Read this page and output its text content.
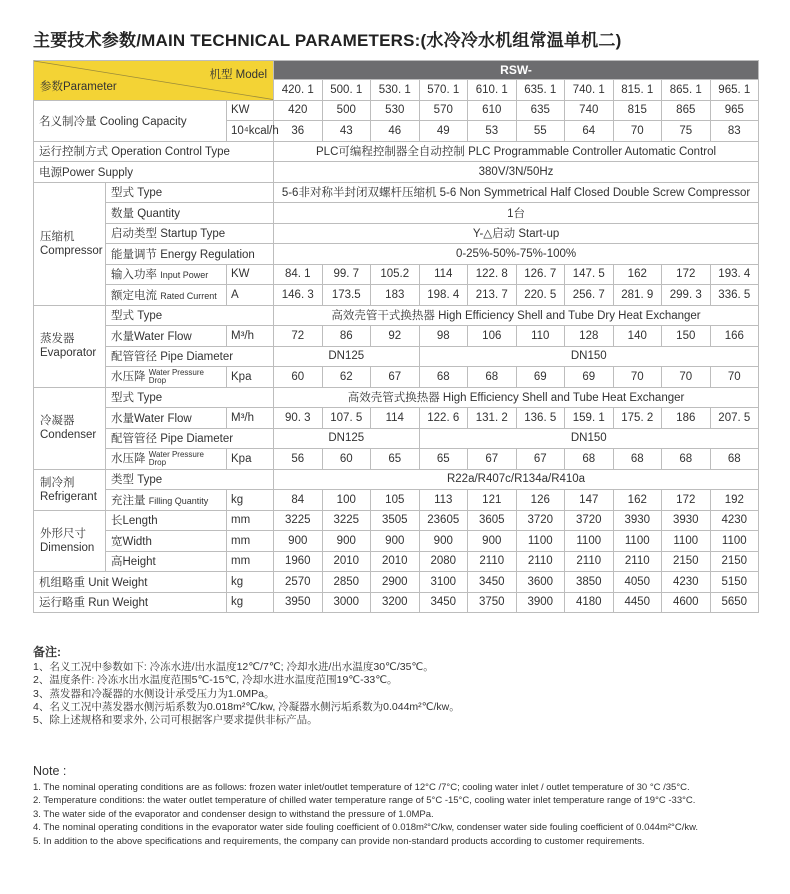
主要技术参数/MAIN TECHNICAL PARAMETERS:(水冷冷水机组常温单机二)
机型 Model
参数Parameter			RSW-									
			420. 1	500. 1	530. 1	570. 1	610. 1	635. 1	740. 1	815. 1	865. 1	965. 1
名义制冷量 Cooling Capacity		KW	420	500	530	570	610	635	740	815	865	965
		10⁴kcal/h	36	43	46	49	53	55	64	70	75	83
运行控制方式 Operation Control Type			PLC可编程控制器全自动控制 PLC Programmable Controller Automatic Control									
电源Power Supply			380V/3N/50Hz									
压缩机
Compressor	型式 Type		5-6非对称半封闭双螺杆压缩机 5-6 Non Symmetrical Half Closed Double Screw Compressor									
	数量 Quantity		1台									
	启动类型 Startup Type		Y-△启动 Start-up									
	能量调节 Energy Regulation		0-25%-50%-75%-100%									
	输入功率 Input Power	KW	84. 1	99. 7	105.2	114	122. 8	126. 7	147. 5	162	172	193. 4
	额定电流 Rated Current	A	146. 3	173.5	183	198. 4	213. 7	220. 5	256. 7	281. 9	299. 3	336. 5
蒸发器
Evaporator	型式 Type		高效壳管干式换热器 High Efficiency Shell and Tube Dry Heat Exchanger									
	水量Water Flow	M³/h	72	86	92	98	106	110	128	140	150	166
	配管管径 Pipe Diameter		DN125			DN150						
	水压降 Water Pressure
Drop	Kpa	60	62	67	68	68	69	69	70	70	70
冷凝器
Condenser	型式 Type		高效壳管式换热器 High Efficiency Shell and Tube Heat Exchanger									
	水量Water Flow	M³/h	90. 3	107. 5	114	122. 6	131. 2	136. 5	159. 1	175. 2	186	207. 5
	配管管径 Pipe Diameter		DN125			DN150						
	水压降 Water Pressure
Drop	Kpa	56	60	65	65	67	67	68	68	68	68
制冷剂
Refrigerant	类型 Type		R22a/R407c/R134a/R410a									
	充注量 Filling Quantity	kg	84	100	105	113	121	126	147	162	172	192
外形尺寸
Dimension	长Length	mm	3225	3225	3505	23605	3605	3720	3720	3930	3930	4230
	宽Width	mm	900	900	900	900	900	1100	1100	1100	1100	1100
	高Height	mm	1960	2010	2010	2080	2110	2110	2110	2110	2150	2150
机组略重 Unit Weight		kg	2570	2850	2900	3100	3450	3600	3850	4050	4230	5150
运行略重 Run Weight		kg	3950	3000	3200	3450	3750	3900	4180	4450	4600	5650
备注:
1、名义工况中参数如下: 冷冻水进/出水温度12℃/7℃; 冷却水进/出水温度30℃/35℃。
2、温度条件: 冷冻水出水温度范围5℃-15℃, 冷却水进水温度范围19℃-33℃。
3、蒸发器和冷凝器的水侧设计承受压力为1.0MPa。
4、名义工况中蒸发器水侧污垢系数为0.018m²℃/kw, 冷凝器水侧污垢系数为0.044m²℃/kw。
5、除上述规格和要求外, 公司可根据客户要求提供非标产品。
Note :
1. The nominal operating conditions are as follows: frozen water inlet/outlet temperature of 12°C /7°C; cooling water inlet / outlet temperature of 30 °C /35°C.
2. Temperature conditions: the water outlet temperature of chilled water temperature range of 5°C -15°C, cooling water inlet temperature range of 19°C -33°C.
3. The water side of the evaporator and condenser design to withstand the pressure of 1.0MPa.
4. The nominal operating conditions in the evaporator water side fouling coefficient of 0.018m²°C/kw, condenser water side fouling coefficient of 0.044m²°C/kw.
5. In addition to the above specifications and requirements, the company can provide non-standard products according to customer requirements.
